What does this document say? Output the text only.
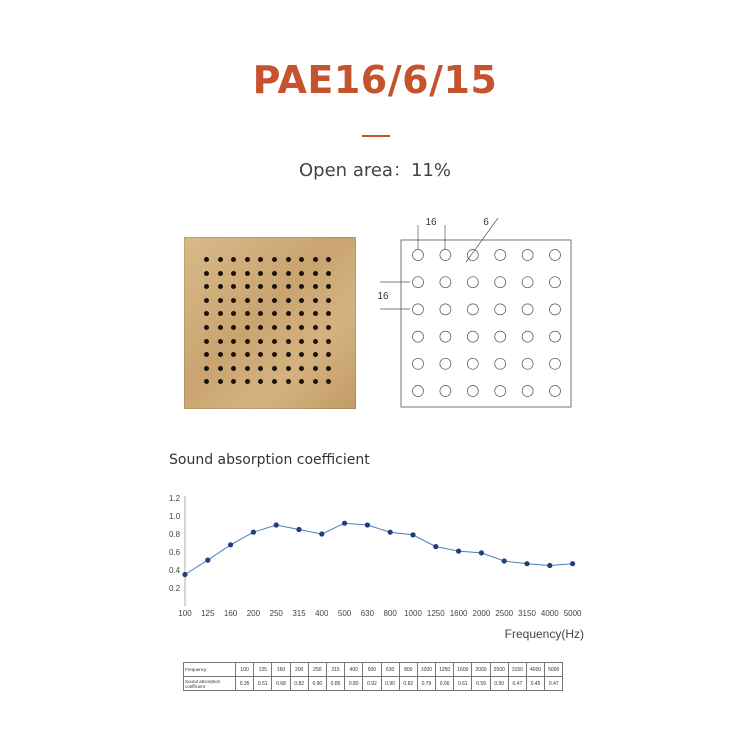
PAE16/6/15
Open area：11%
16	6
16
Sound absorption coefficient
1.2
1.0
0.8
0.6
0.4
0.2
100 125 160 200 250 315 400 500 630 800 1000 1250 1600 2000 2500 3150 4000 5000
Frequency(Hz)
Frequency	100	125	160	200	250	315	400	500	630	800	1000	1250	1600	2000	2500	3150	4000	5000
Sound absorption coefficient	0.35	0.51	0.68	0.82	0.90	0.85	0.80	0.92	0.90	0.82	0.79	0.66	0.61	0.59	0.50	0.47	0.45	0.47
